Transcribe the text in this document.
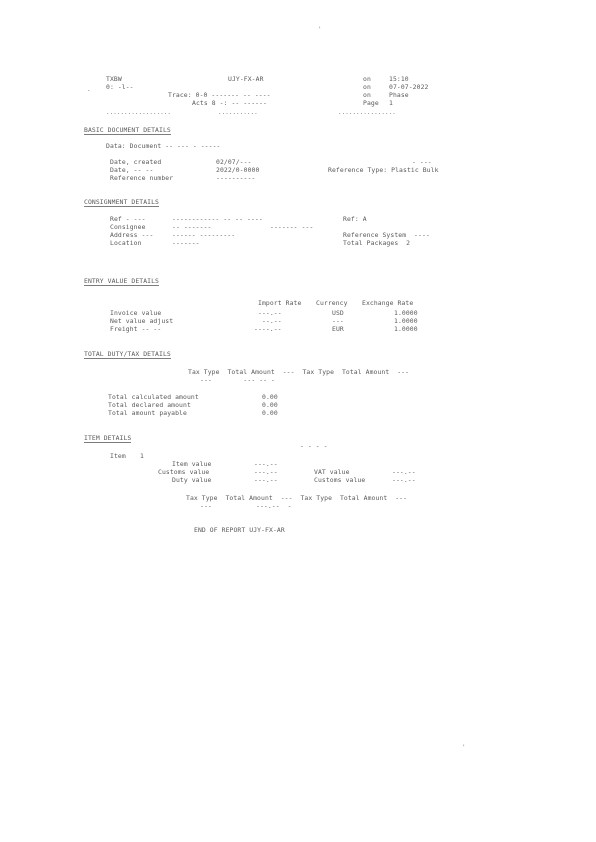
'
.
TXBW
0: -l--
UJY-FX-AR
Trace: 0-0 ------- -- ----
Acts 8 -: -- ------
on	15:10
on	07-07-2022
on	Phase
Page 1
..................	...........	................
BASIC DOCUMENT DETAILS
Data: Document -- --- - -----
Date, created	02/07/---	- ---
Date, -- --	2022/0-0000	Reference Type: Plastic Bulk
Reference number	----------
CONSIGNMENT DETAILS
Ref - ---	------------ -- -- ----	Ref: A
Consignee	-- -------	------- ---
Address ---	------ ---------	Reference System  ----
Location	-------	Total Packages  2
ENTRY VALUE DETAILS
Import Rate Currency Exchange Rate
Invoice value	---.--	USD	1.0000
Net value adjust	--.--	---	1.0000
Freight -- --	----.--	EUR	1.0000
TOTAL DUTY/TAX DETAILS
Tax Type  Total Amount  ---  Tax Type  Total Amount  ---
---        --- -- -
Total calculated amount	0.00
Total declared amount	0.00
Total amount payable	0.00
ITEM DETAILS
- - - -
Item 1
Item value	---.--
Customs value	---.--	VAT value	---.--
Duty value	---.--	Customs value	---.--
Tax Type  Total Amount  ---  Tax Type  Total Amount  ---
---	---.--  -
END OF REPORT UJY-FX-AR
'
